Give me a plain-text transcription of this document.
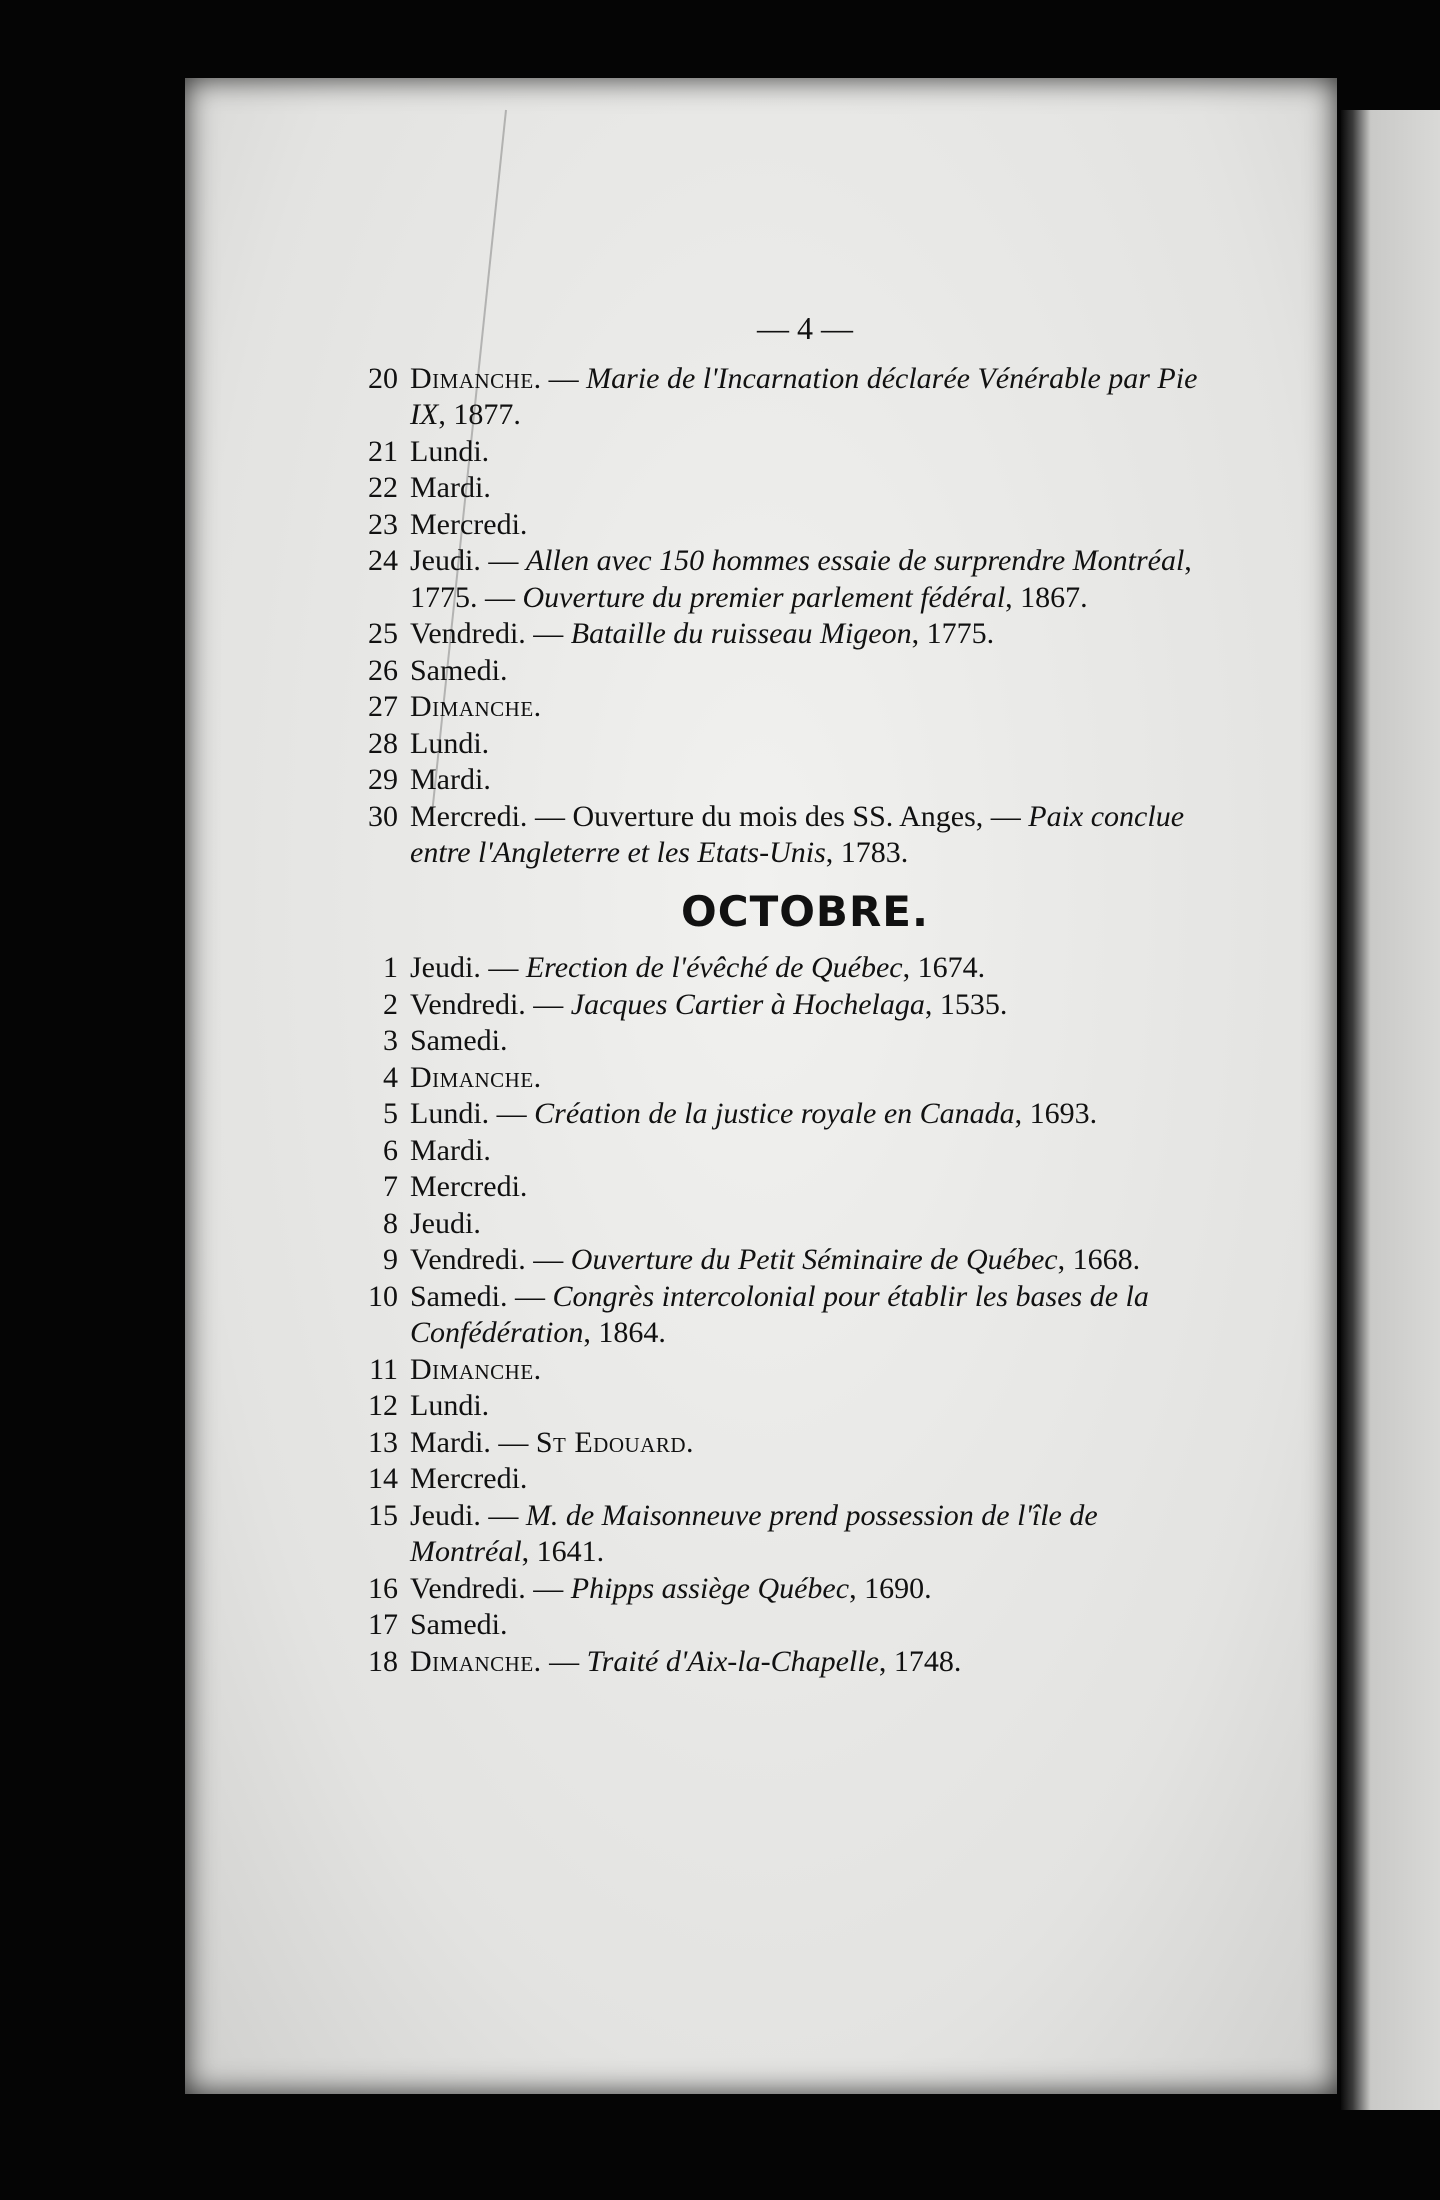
— 4 —
20 Dimanche. — Marie de l'Incarnation déclarée Vénérable par Pie IX, 1877.
21 Lundi.
22 Mardi.
23 Mercredi.
24 Jeudi. — Allen avec 150 hommes essaie de surprendre Montréal, 1775. — Ouverture du premier parlement fédéral, 1867.
25 Vendredi. — Bataille du ruisseau Migeon, 1775.
26 Samedi.
27 Dimanche.
28 Lundi.
29 Mardi.
30 Mercredi. — Ouverture du mois des SS. Anges, — Paix conclue entre l'Angleterre et les Etats-Unis, 1783.
OCTOBRE.
1 Jeudi. — Erection de l'évêché de Québec, 1674.
2 Vendredi. — Jacques Cartier à Hochelaga, 1535.
3 Samedi.
4 Dimanche.
5 Lundi. — Création de la justice royale en Canada, 1693.
6 Mardi.
7 Mercredi.
8 Jeudi.
9 Vendredi. — Ouverture du Petit Séminaire de Québec, 1668.
10 Samedi. — Congrès intercolonial pour établir les bases de la Confédération, 1864.
11 Dimanche.
12 Lundi.
13 Mardi. — St Edouard.
14 Mercredi.
15 Jeudi. — M. de Maisonneuve prend possession de l'île de Montréal, 1641.
16 Vendredi. — Phipps assiège Québec, 1690.
17 Samedi.
18 Dimanche. — Traité d'Aix-la-Chapelle, 1748.
